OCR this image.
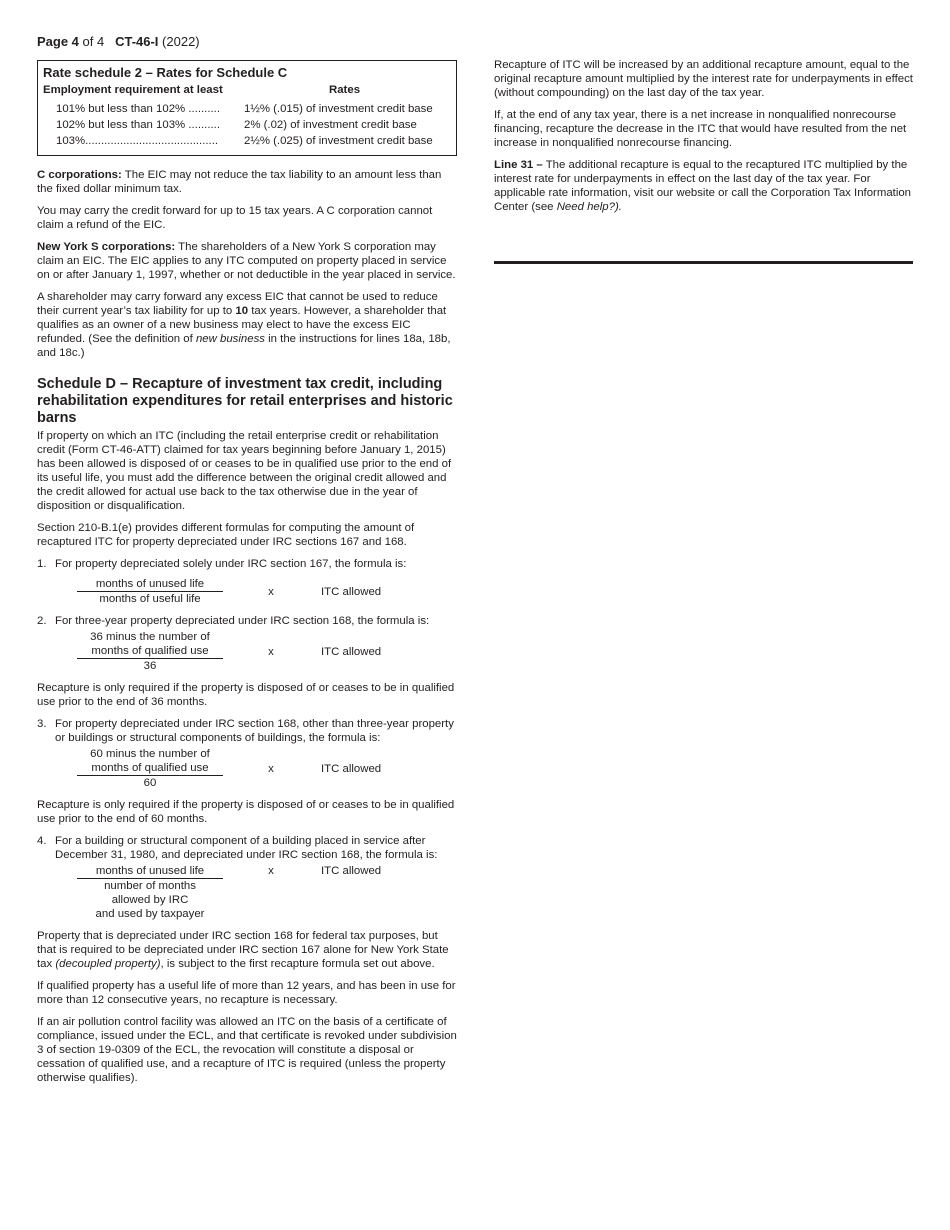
Page 4 of 4 CT-46-I (2022)
Rate schedule 2 – Rates for Schedule C
Employment requirement at least	Rates
101% but less than 102% ..........	1½% (.015) of investment credit base
102% but less than 103% ..........	2% (.02) of investment credit base
103%..........................................	2½% (.025) of investment credit base

C corporations: The EIC may not reduce the tax liability to an amount less than the fixed dollar minimum tax.

You may carry the credit forward for up to 15 tax years. A C corporation cannot claim a refund of the EIC.

New York S corporations: The shareholders of a New York S corporation may claim an EIC. The EIC applies to any ITC computed on property placed in service on or after January 1, 1997, whether or not deductible in the year placed in service.

A shareholder may carry forward any excess EIC that cannot be used to reduce their current year’s tax liability for up to 10 tax years. However, a shareholder that qualifies as an owner of a new business may elect to have the excess EIC refunded. (See the definition of new business in the instructions for lines 18a, 18b, and 18c.)

Schedule D – Recapture of investment tax credit, including rehabilitation expenditures for retail enterprises and historic barns

If property on which an ITC (including the retail enterprise credit or rehabilitation credit (Form CT-46-ATT) claimed for tax years beginning before January 1, 2015) has been allowed is disposed of or ceases to be in qualified use prior to the end of its useful life, you must add the difference between the original credit allowed and the credit allowed for actual use back to the tax otherwise due in the year of disposition or disqualification.

Section 210-B.1(e) provides different formulas for computing the amount of recaptured ITC for property depreciated under IRC sections 167 and 168.

1. For property depreciated solely under IRC section 167, the formula is:
$\frac{\text{months of unused life}}{\text{months of useful life}}$	x	ITC allowed
2. For three-year property depreciated under IRC section 168, the formula is:
36 minus the number of
months of qualified use
36
x	ITC allowed

Recapture is only required if the property is disposed of or ceases to be in qualified use prior to the end of 36 months.

3. For property depreciated under IRC section 168, other than three-year property or buildings or structural components of buildings, the formula is:
60 minus the number of
months of qualified use
60
x	ITC allowed

Recapture is only required if the property is disposed of or ceases to be in qualified use prior to the end of 60 months.

4. For a building or structural component of a building placed in service after December 31, 1980, and depreciated under IRC section 168, the formula is:
months of unused life
number of months
allowed by IRC
and used by taxpayer
x	ITC allowed

Property that is depreciated under IRC section 168 for federal tax purposes, but that is required to be depreciated under IRC section 167 alone for New York State tax (decoupled property), is subject to the first recapture formula set out above.

If qualified property has a useful life of more than 12 years, and has been in use for more than 12 consecutive years, no recapture is necessary.

If an air pollution control facility was allowed an ITC on the basis of a certificate of compliance, issued under the ECL, and that certificate is revoked under subdivision 3 of section 19-0309 of the ECL, the revocation will constitute a disposal or cessation of qualified use, and a recapture of ITC is required (unless the property otherwise qualifies).

Recapture of ITC will be increased by an additional recapture amount, equal to the original recapture amount multiplied by the interest rate for underpayments in effect (without compounding) on the last day of the tax year.

If, at the end of any tax year, there is a net increase in nonqualified nonrecourse financing, recapture the decrease in the ITC that would have resulted from the net increase in nonqualified nonrecourse financing.

Line 31 – The additional recapture is equal to the recaptured ITC multiplied by the interest rate for underpayments in effect on the last day of the tax year. For applicable rate information, visit our website or call the Corporation Tax Information Center (see Need help?).
